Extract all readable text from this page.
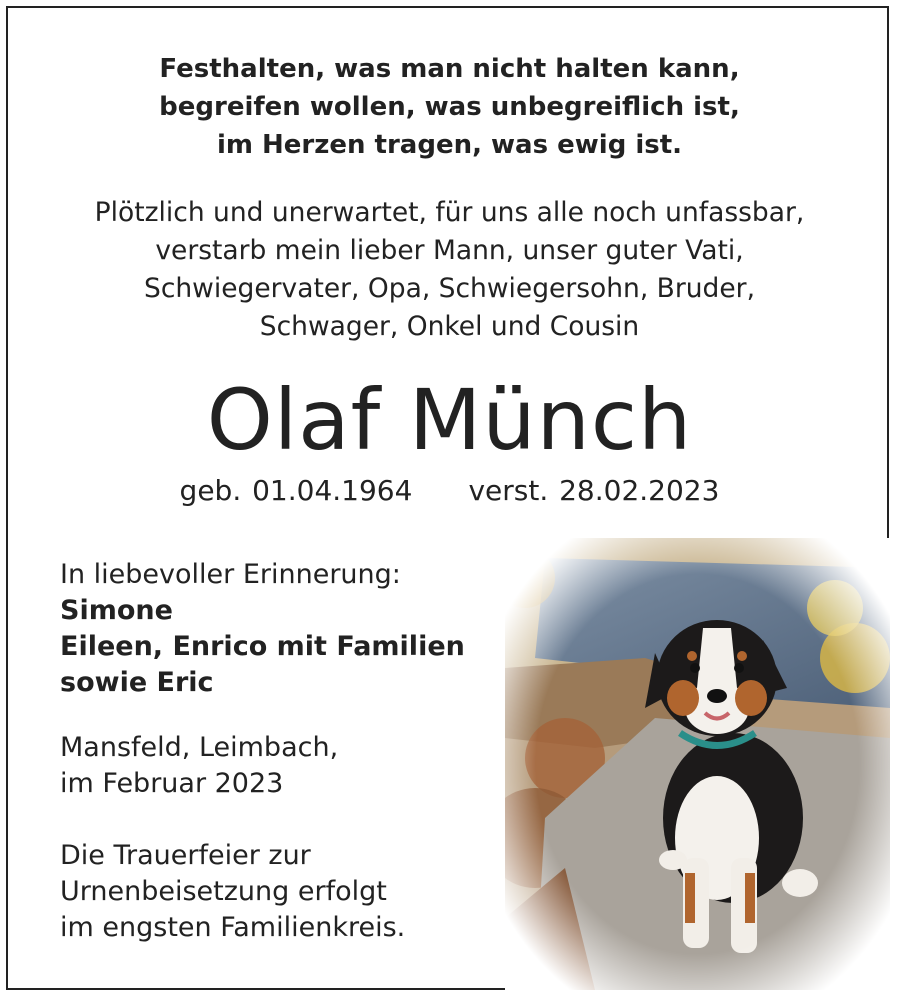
Festhalten, was man nicht halten kann,
begreifen wollen, was unbegreiflich ist,
im Herzen tragen, was ewig ist.
Plötzlich und unerwartet, für uns alle noch unfassbar,
verstarb mein lieber Mann, unser guter Vati,
Schwiegervater, Opa, Schwiegersohn, Bruder,
Schwager, Onkel und Cousin
Olaf Münch
geb. 01.04.1964 verst. 28.02.2023
In liebevoller Erinnerung:
Simone
Eileen, Enrico mit Familien
sowie Eric
Mansfeld, Leimbach,
im Februar 2023
Die Trauerfeier zur
Urnenbeisetzung erfolgt
im engsten Familienkreis.
